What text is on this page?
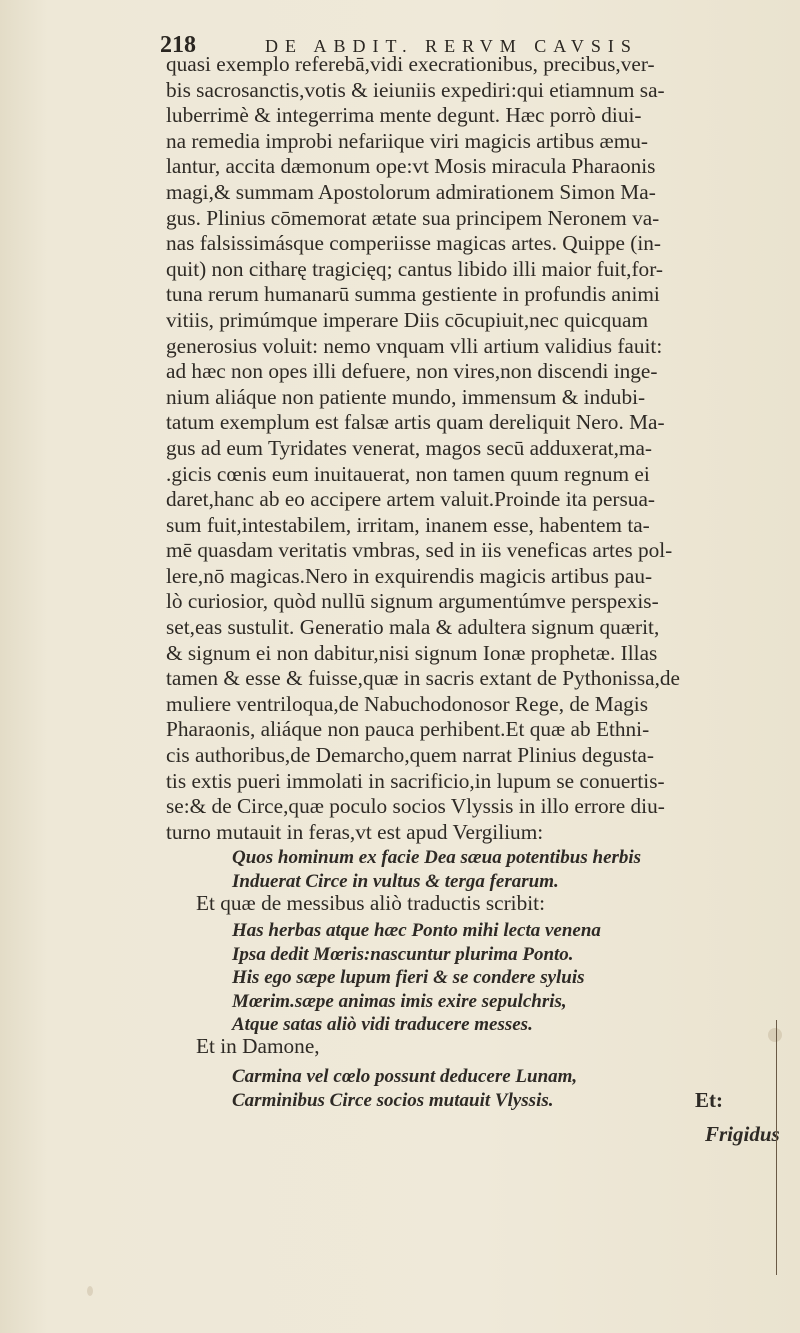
218	DE ABDIT. RERVM CAVSIS
quasi exemplo referebā,vidi execrationibus, precibus,ver-
bis sacrosanctis,votis & ieiuniis expediri:qui etiamnum sa-
luberrimè & integerrima mente degunt. Hæc porrò diui-
na remedia improbi nefariique viri magicis artibus æmu-
lantur, accita dæmonum ope:vt Mosis miracula Pharaonis
magi,& summam Apostolorum admirationem Simon Ma-
gus. Plinius cōmemorat ætate sua principem Neronem va-
nas falsissimásque comperiisse magicas artes. Quippe (in-
quit) non citharę tragicięq; cantus libido illi maior fuit,for-
tuna rerum humanarū summa gestiente in profundis animi
vitiis, primúmque imperare Diis cōcupiuit,nec quicquam
generosius voluit: nemo vnquam vlli artium validius fauit:
ad hæc non opes illi defuere, non vires,non discendi inge-
nium aliáque non patiente mundo, immensum & indubi-
tatum exemplum est falsæ artis quam dereliquit Nero. Ma-
gus ad eum Tyridates venerat, magos secū adduxerat,ma-
.gicis cœnis eum inuitauerat, non tamen quum regnum ei
daret,hanc ab eo accipere artem valuit.Proinde ita persua-
sum fuit,intestabilem, irritam, inanem esse, habentem ta-
mē quasdam veritatis vmbras, sed in iis veneficas artes pol-
lere,nō magicas.Nero in exquirendis magicis artibus pau-
lò curiosior, quòd nullū signum argumentúmve perspexis-
set,eas sustulit. Generatio mala & adultera signum quærit,
& signum ei non dabitur,nisi signum Ionæ prophetæ. Illas
tamen & esse & fuisse,quæ in sacris extant de Pythonissa,de
muliere ventriloqua,de Nabuchodonosor Rege, de Magis
Pharaonis, aliáque non pauca perhibent.Et quæ ab Ethni-
cis authoribus,de Demarcho,quem narrat Plinius degusta-
tis extis pueri immolati in sacrificio,in lupum se conuertis-
se:& de Circe,quæ poculo socios Vlyssis in illo errore diu-
turno mutauit in feras,vt est apud Vergilium:
Quos hominum ex facie Dea sæua potentibus herbis
Induerat Circe in vultus & terga ferarum.
Et quæ de messibus aliò traductis scribit:
Has herbas atque hæc Ponto mihi lecta venena
Ipsa dedit Mœris:nascuntur plurima Ponto.
His ego sæpe lupum fieri & se condere syluis
Mœrim.sæpe animas imis exire sepulchris,
Atque satas aliò vidi traducere messes.
Et in Damone,
Carmina vel cœlo possunt deducere Lunam,
Carminibus Circe socios mutauit Vlyssis.	Et:
Frigidus
